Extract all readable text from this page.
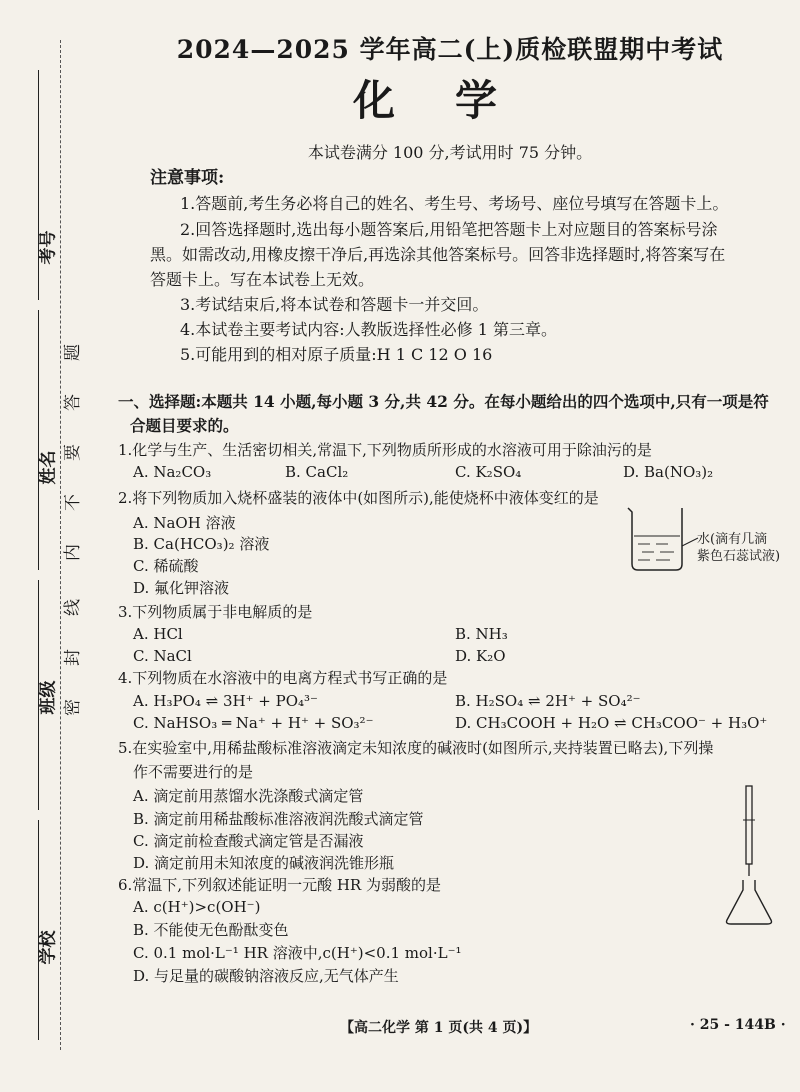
考号
姓名
班级
学校
题
答
要
不
内
线
封
密
2024—2025 学年高二(上)质检联盟期中考试
化学
本试卷满分 100 分,考试用时 75 分钟。
注意事项:
1.答题前,考生务必将自己的姓名、考生号、考场号、座位号填写在答题卡上。
2.回答选择题时,选出每小题答案后,用铅笔把答题卡上对应题目的答案标号涂
黑。如需改动,用橡皮擦干净后,再选涂其他答案标号。回答非选择题时,将答案写在
答题卡上。写在本试卷上无效。
3.考试结束后,将本试卷和答题卡一并交回。
4.本试卷主要考试内容:人教版选择性必修 1 第三章。
5.可能用到的相对原子质量:H 1 C 12 O 16
一、选择题:本题共 14 小题,每小题 3 分,共 42 分。在每小题给出的四个选项中,只有一项是符
合题目要求的。
1.化学与生产、生活密切相关,常温下,下列物质所形成的水溶液可用于除油污的是
A. Na₂CO₃	B. CaCl₂	C. K₂SO₄	D. Ba(NO₃)₂
2.将下列物质加入烧杯盛装的液体中(如图所示),能使烧杯中液体变红的是
A. NaOH 溶液
B. Ca(HCO₃)₂ 溶液
C. 稀硫酸
D. 氟化钾溶液
水(滴有几滴
紫色石蕊试液)
3.下列物质属于非电解质的是
A. HCl	B. NH₃
C. NaCl	D. K₂O
4.下列物质在水溶液中的电离方程式书写正确的是
A. H₃PO₄ ⇌ 3H⁺ + PO₄³⁻	B. H₂SO₄ ⇌ 2H⁺ + SO₄²⁻
C. NaHSO₃ ═ Na⁺ + H⁺ + SO₃²⁻	D. CH₃COOH + H₂O ⇌ CH₃COO⁻ + H₃O⁺
5.在实验室中,用稀盐酸标准溶液滴定未知浓度的碱液时(如图所示,夹持装置已略去),下列操
作不需要进行的是
A. 滴定前用蒸馏水洗涤酸式滴定管
B. 滴定前用稀盐酸标准溶液润洗酸式滴定管
C. 滴定前检查酸式滴定管是否漏液
D. 滴定前用未知浓度的碱液润洗锥形瓶
6.常温下,下列叙述能证明一元酸 HR 为弱酸的是
A. c(H⁺)>c(OH⁻)
B. 不能使无色酚酞变色
C. 0.1 mol·L⁻¹ HR 溶液中,c(H⁺)<0.1 mol·L⁻¹
D. 与足量的碳酸钠溶液反应,无气体产生
【高二化学 第 1 页(共 4 页)】	· 25 - 144B ·
